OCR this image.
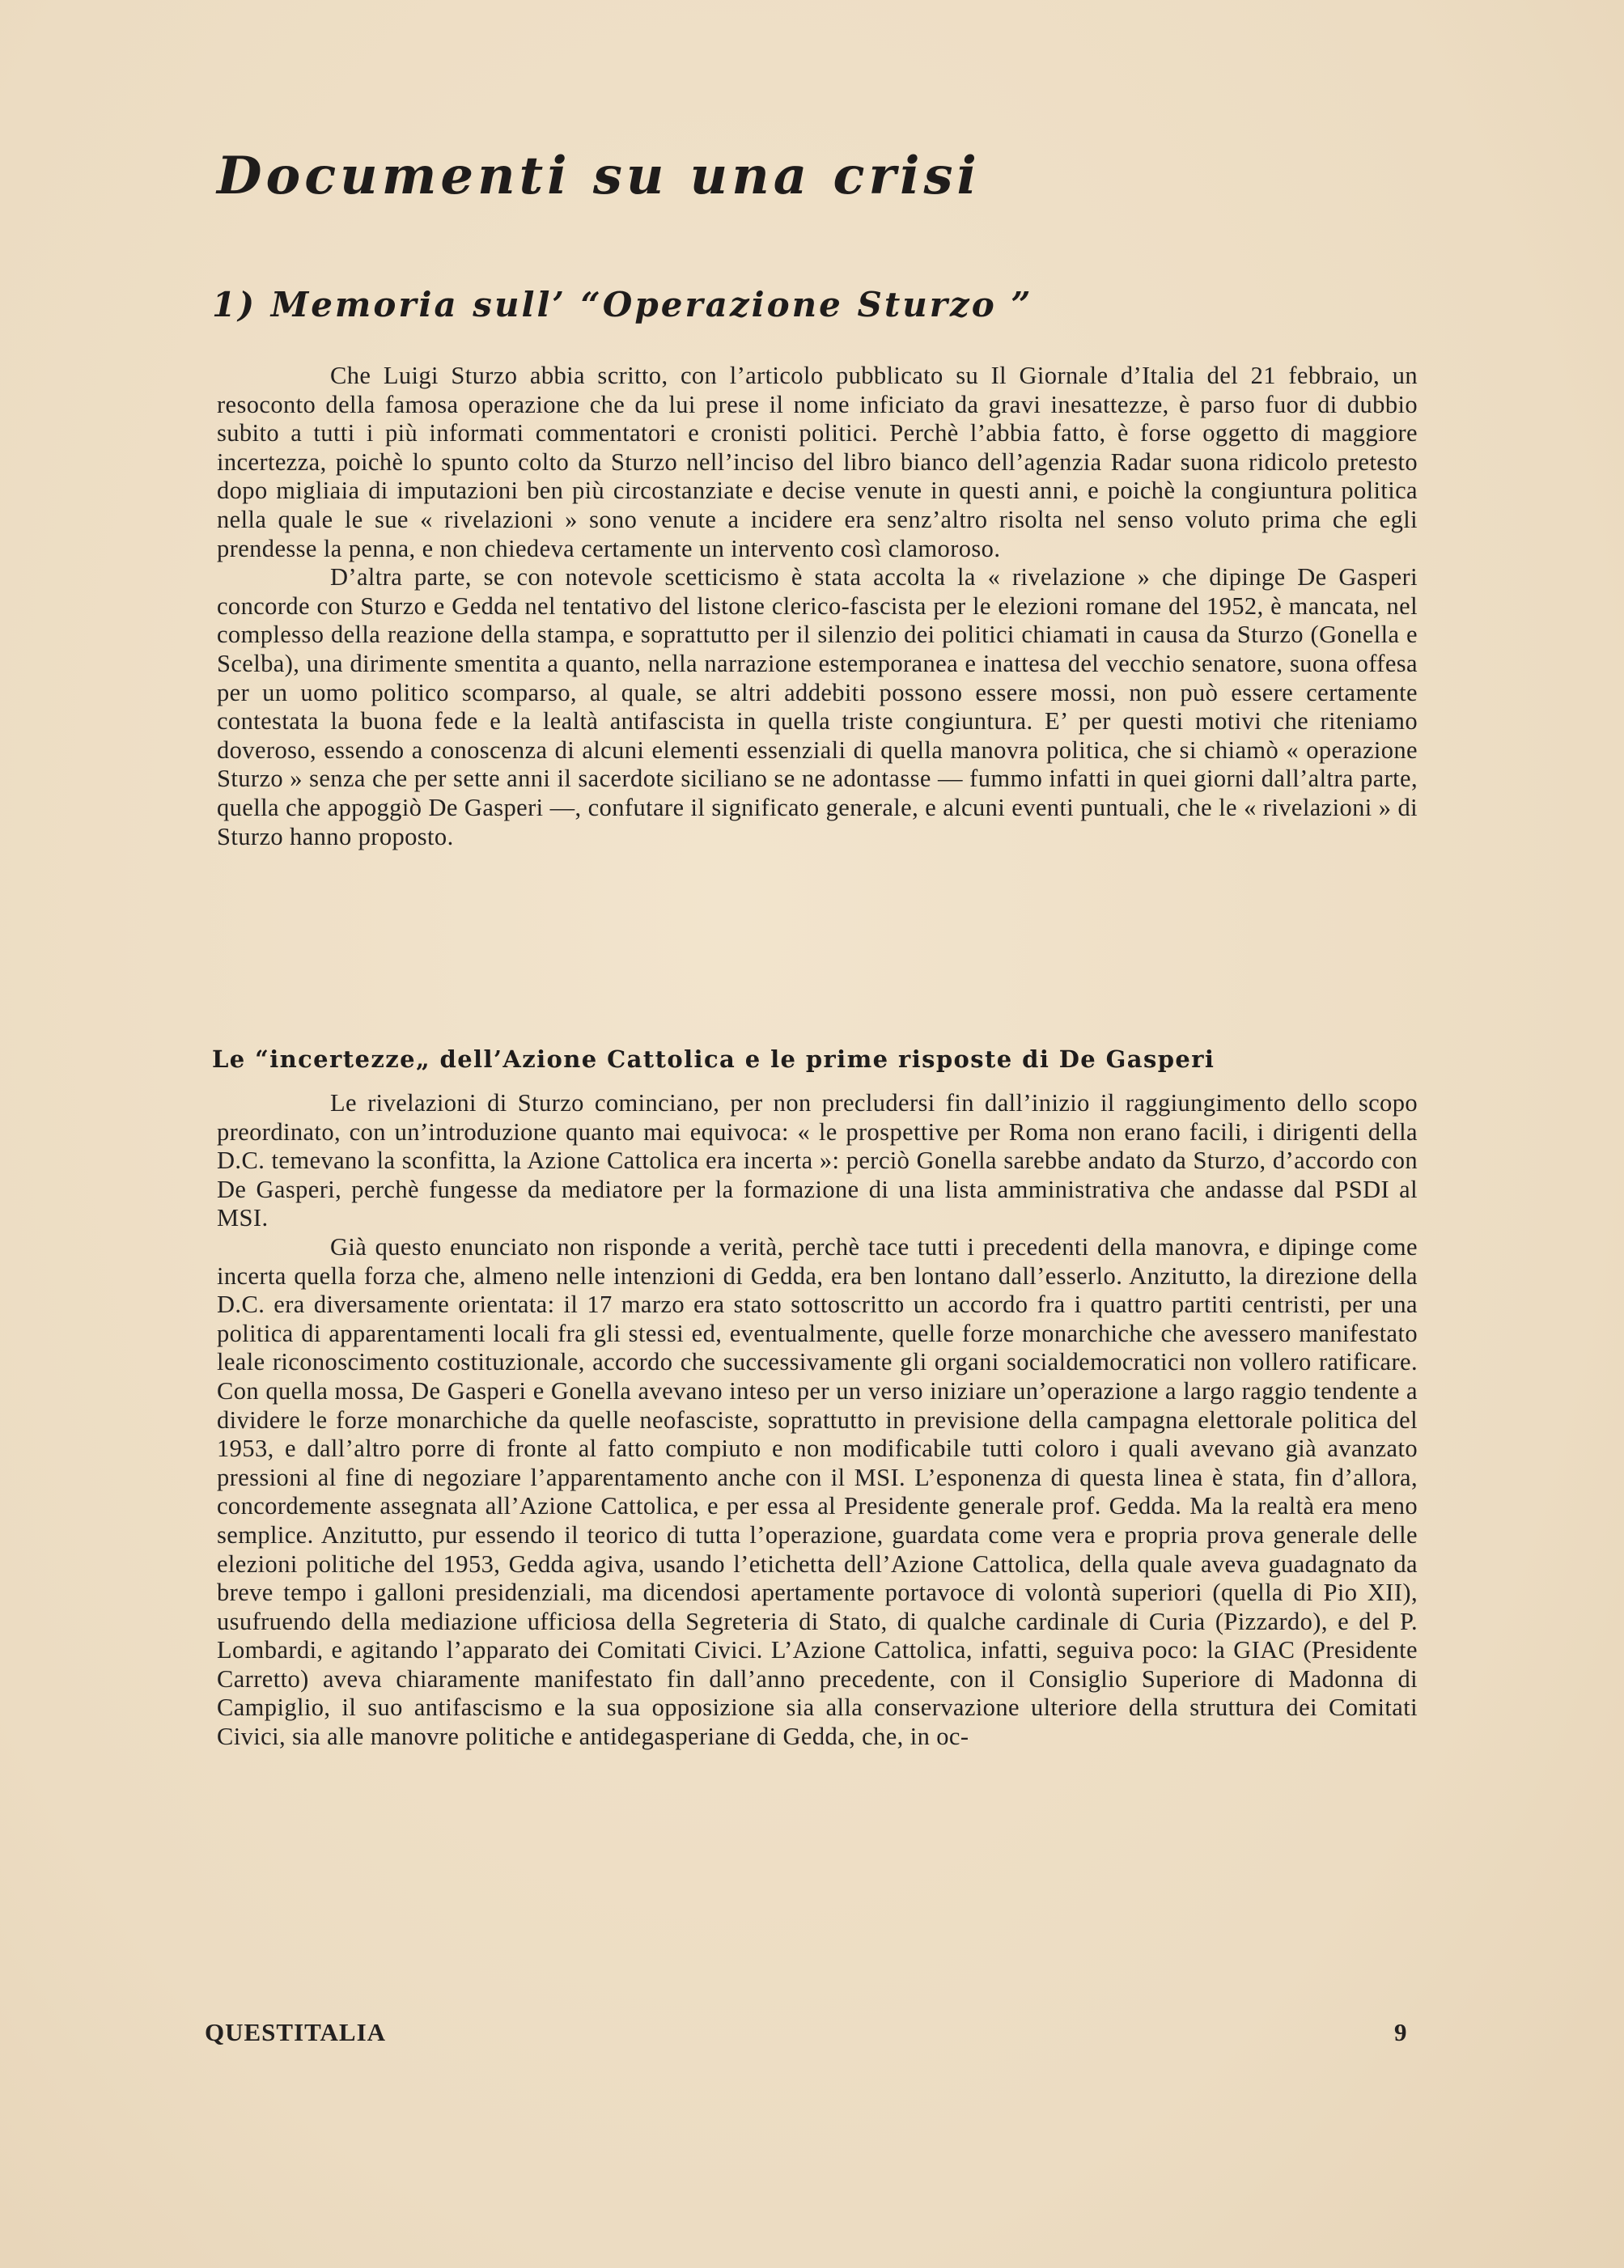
Documenti su una crisi
1) Memoria sull’ “Operazione Sturzo ”

Che Luigi Sturzo abbia scritto, con l’articolo pubblicato su Il Giornale d’Italia del 21 febbraio, un resoconto della famosa operazione che da lui prese il nome inficiato da gravi inesattezze, è parso fuor di dubbio subito a tutti i più informati commentatori e cronisti politici. Perchè l’abbia fatto, è forse oggetto di maggiore incertezza, poichè lo spunto colto da Sturzo nell’inciso del libro bianco dell’agenzia Radar suona ridicolo pretesto dopo migliaia di imputazioni ben più circostanziate e decise venute in questi anni, e poichè la congiuntura politica nella quale le sue « rivelazioni » sono venute a incidere era senz’altro risolta nel senso voluto prima che egli prendesse la penna, e non chiedeva certamente un intervento così clamoroso.

D’altra parte, se con notevole scetticismo è stata accolta la « rivelazione » che dipinge De Gasperi concorde con Sturzo e Gedda nel tentativo del listone clerico-fascista per le elezioni romane del 1952, è mancata, nel complesso della reazione della stampa, e soprattutto per il silenzio dei politici chiamati in causa da Sturzo (Gonella e Scelba), una dirimente smentita a quanto, nella narrazione estemporanea e inattesa del vecchio senatore, suona offesa per un uomo politico scomparso, al quale, se altri addebiti possono essere mossi, non può essere certamente contestata la buona fede e la lealtà antifascista in quella triste congiuntura. E’ per questi motivi che riteniamo doveroso, essendo a conoscenza di alcuni elementi essenziali di quella manovra politica, che si chiamò « operazione Sturzo » senza che per sette anni il sacerdote siciliano se ne adontasse — fummo infatti in quei giorni dall’altra parte, quella che appoggiò De Gasperi —, confutare il significato generale, e alcuni eventi puntuali, che le « rivelazioni » di Sturzo hanno proposto.

Le “incertezze„ dell’Azione Cattolica e le prime risposte di De Gasperi

Le rivelazioni di Sturzo cominciano, per non precludersi fin dall’inizio il raggiungimento dello scopo preordinato, con un’introduzione quanto mai equivoca: « le prospettive per Roma non erano facili, i dirigenti della D.C. temevano la sconfitta, la Azione Cattolica era incerta »: perciò Gonella sarebbe andato da Sturzo, d’accordo con De Gasperi, perchè fungesse da mediatore per la formazione di una lista amministrativa che andasse dal PSDI al MSI.

Già questo enunciato non risponde a verità, perchè tace tutti i precedenti della manovra, e dipinge come incerta quella forza che, almeno nelle intenzioni di Gedda, era ben lontano dall’esserlo. Anzitutto, la direzione della D.C. era diversamente orientata: il 17 marzo era stato sottoscritto un accordo fra i quattro partiti centristi, per una politica di apparentamenti locali fra gli stessi ed, eventualmente, quelle forze monarchiche che avessero manifestato leale riconoscimento costituzionale, accordo che successivamente gli organi socialdemocratici non vollero ratificare. Con quella mossa, De Gasperi e Gonella avevano inteso per un verso iniziare un’operazione a largo raggio tendente a dividere le forze monarchiche da quelle neofasciste, soprattutto in previsione della campagna elettorale politica del 1953, e dall’altro porre di fronte al fatto compiuto e non modificabile tutti coloro i quali avevano già avanzato pressioni al fine di negoziare l’apparentamento anche con il MSI. L’esponenza di questa linea è stata, fin d’allora, concordemente assegnata all’Azione Cattolica, e per essa al Presidente generale prof. Gedda. Ma la realtà era meno semplice. Anzitutto, pur essendo il teorico di tutta l’operazione, guardata come vera e propria prova generale delle elezioni politiche del 1953, Gedda agiva, usando l’etichetta dell’Azione Cattolica, della quale aveva guadagnato da breve tempo i galloni presidenziali, ma dicendosi apertamente portavoce di volontà superiori (quella di Pio XII), usufruendo della mediazione ufficiosa della Segreteria di Stato, di qualche cardinale di Curia (Pizzardo), e del P. Lombardi, e agitando l’apparato dei Comitati Civici. L’Azione Cattolica, infatti, seguiva poco: la GIAC (Presidente Carretto) aveva chiaramente manifestato fin dall’anno precedente, con il Consiglio Superiore di Madonna di Campiglio, il suo antifascismo e la sua opposizione sia alla conservazione ulteriore della struttura dei Comitati Civici, sia alle manovre politiche e antidegasperiane di Gedda, che, in oc-

QUESTITALIA	9
